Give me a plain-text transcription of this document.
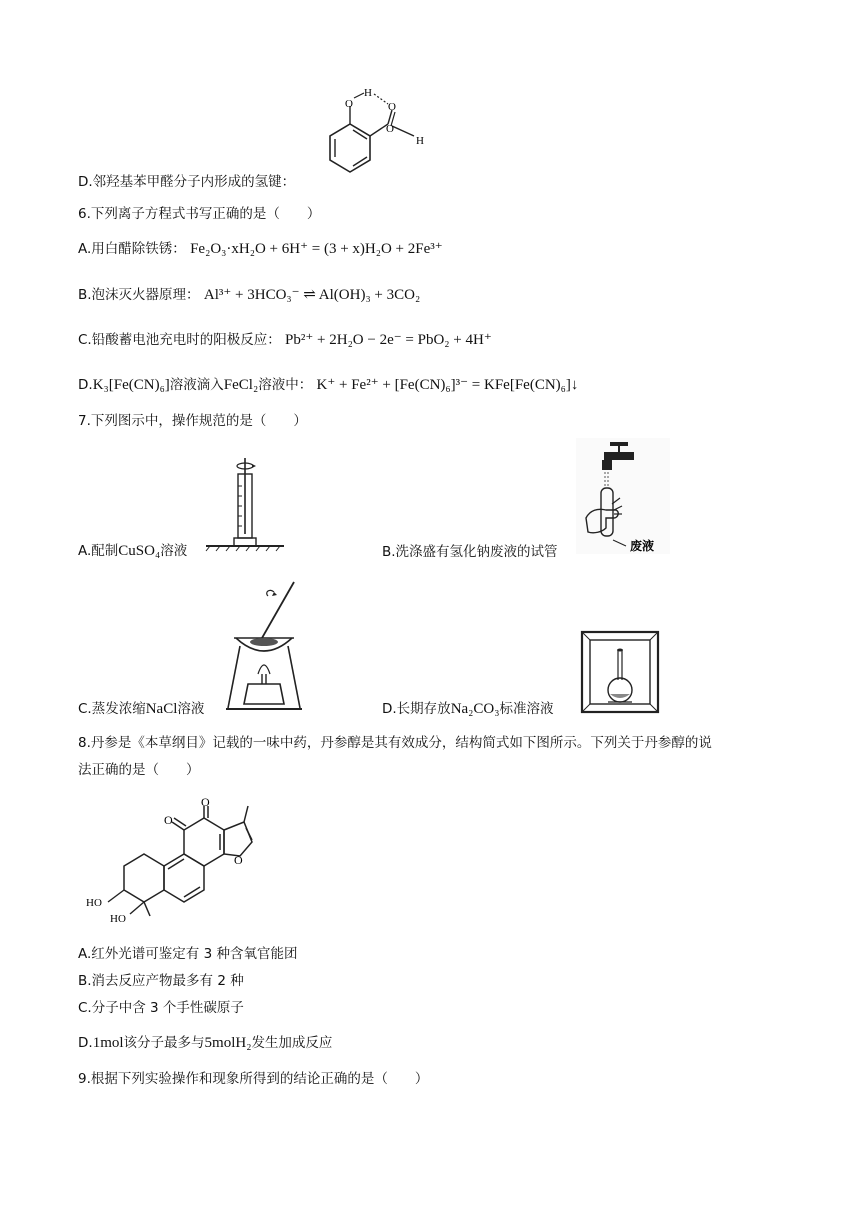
O
H
O
O
H
D.邻羟基苯甲醛分子内形成的氢键：
6.下列离子方程式书写正确的是（　　）
A.用白醋除铁锈： Fe₂O₃·xH₂O + 6H⁺ = (3 + x)H₂O + 2Fe³⁺
B.泡沫灭火器原理： Al³⁺ + 3HCO₃⁻ ⇌ Al(OH)₃ + 3CO₂
C.铅酸蓄电池充电时的阳极反应： Pb²⁺ + 2H₂O − 2e⁻ = PbO₂ + 4H⁺
D.K₃[Fe(CN)₆]溶液滴入FeCl₂溶液中： K⁺ + Fe²⁺ + [Fe(CN)₆]³⁻ = KFe[Fe(CN)₆]↓
7.下列图示中，操作规范的是（　　）
A.配制CuSO₄溶液	废液
B.洗涤盛有氢化钠废液的试管
C.蒸发浓缩NaCl溶液	D.长期存放Na₂CO₃标准溶液
8.丹参是《本草纲目》记载的一味中药，丹参醇是其有效成分，结构简式如下图所示。下列关于丹参醇的说
法正确的是（　　）
O
O
O
HO
HO
A.红外光谱可鉴定有 3 种含氧官能团
B.消去反应产物最多有 2 种
C.分子中含 3 个手性碳原子
D.1mol该分子最多与5molH₂发生加成反应
9.根据下列实验操作和现象所得到的结论正确的是（　　）
